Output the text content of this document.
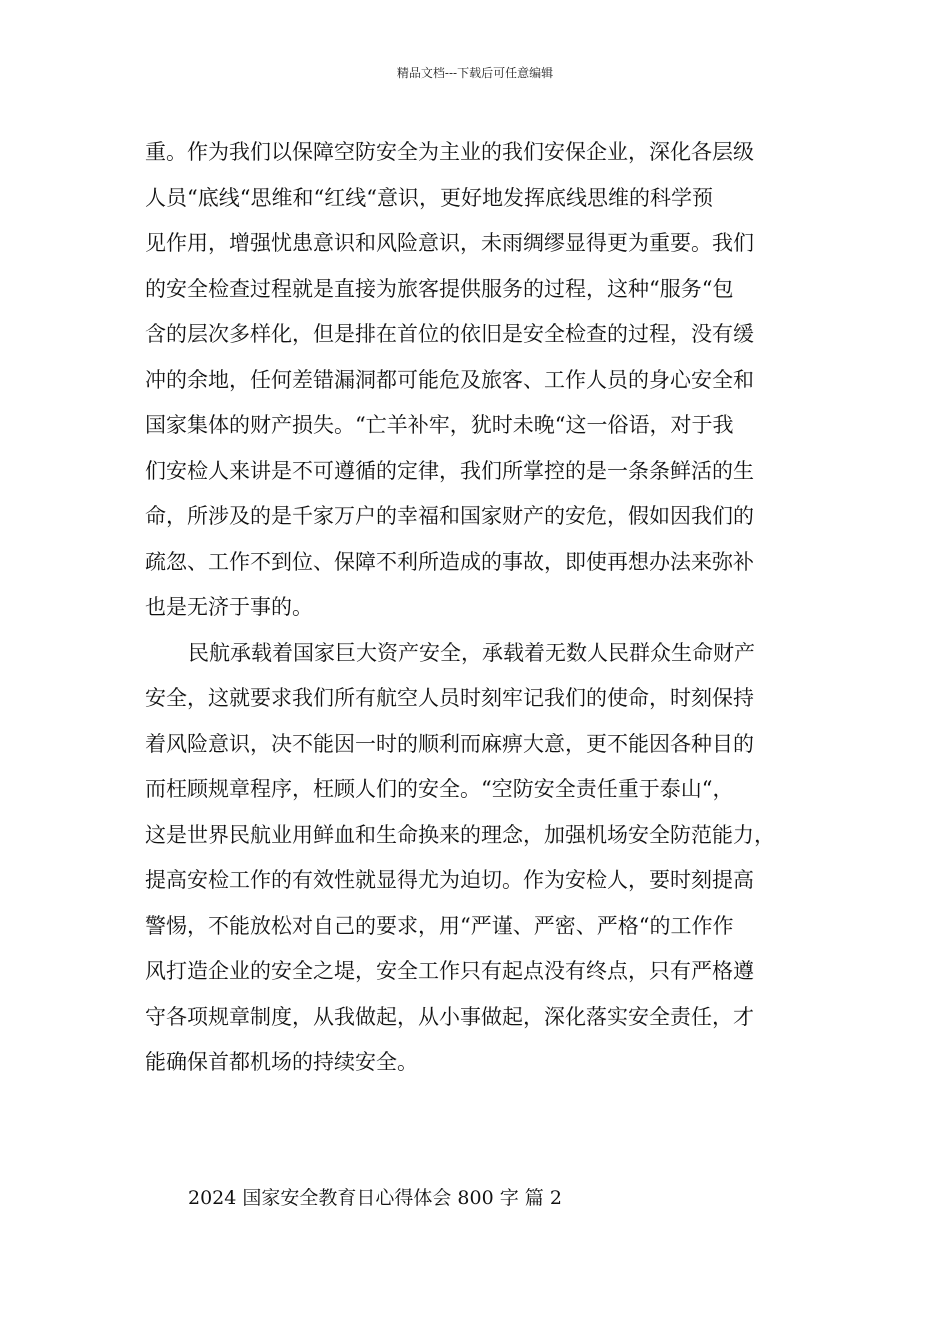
精品文档---下载后可任意编辑
重。作为我们以保障空防安全为主业的我们安保企业，深化各层级
人员“底线“思维和“红线“意识，更好地发挥底线思维的科学预
见作用，增强忧患意识和风险意识，未雨绸缪显得更为重要。我们
的安全检查过程就是直接为旅客提供服务的过程，这种“服务“包
含的层次多样化，但是排在首位的依旧是安全检查的过程，没有缓
冲的余地，任何差错漏洞都可能危及旅客、工作人员的身心安全和
国家集体的财产损失。“亡羊补牢，犹时未晚“这一俗语，对于我
们安检人来讲是不可遵循的定律，我们所掌控的是一条条鲜活的生
命，所涉及的是千家万户的幸福和国家财产的安危，假如因我们的
疏忽、工作不到位、保障不利所造成的事故，即使再想办法来弥补
也是无济于事的。
民航承载着国家巨大资产安全，承载着无数人民群众生命财产
安全，这就要求我们所有航空人员时刻牢记我们的使命，时刻保持
着风险意识，决不能因一时的顺利而麻痹大意，更不能因各种目的
而枉顾规章程序，枉顾人们的安全。“空防安全责任重于泰山“，
这是世界民航业用鲜血和生命换来的理念，加强机场安全防范能力，
提高安检工作的有效性就显得尤为迫切。作为安检人，要时刻提高
警惕，不能放松对自己的要求，用“严谨、严密、严格“的工作作
风打造企业的安全之堤，安全工作只有起点没有终点，只有严格遵
守各项规章制度，从我做起，从小事做起，深化落实安全责任，才
能确保首都机场的持续安全。
2024 国家安全教育日心得体会 800 字 篇 2
